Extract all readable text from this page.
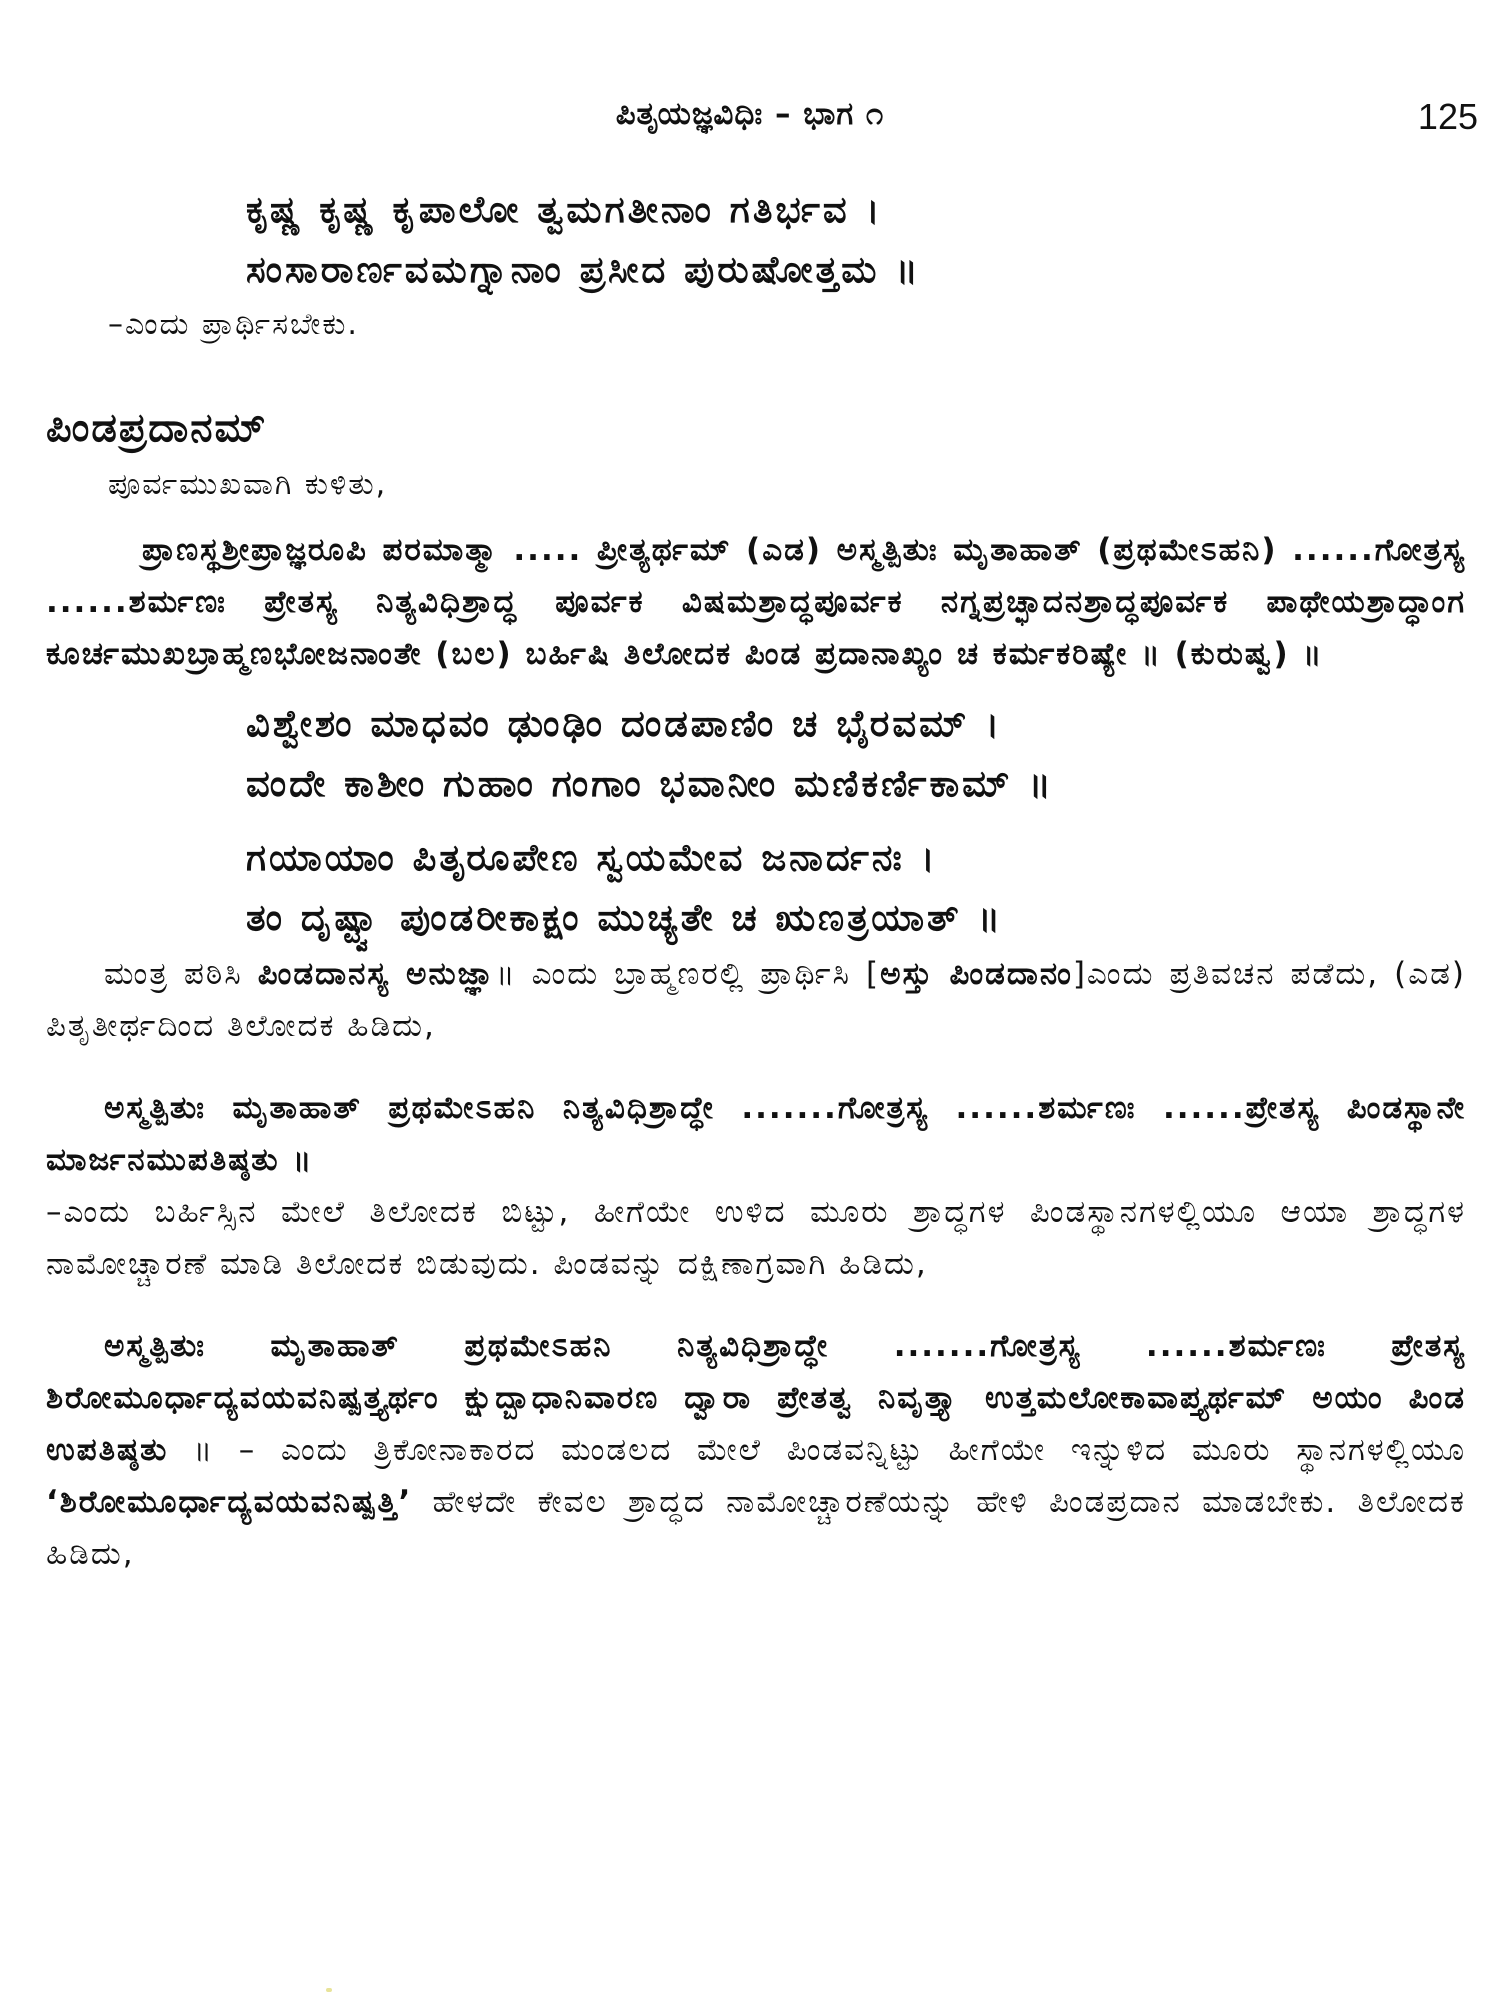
ಪಿತೃಯಜ್ಞವಿಧಿಃ – ಭಾಗ ೧	125
ಕೃಷ್ಣ ಕೃಷ್ಣ ಕೃಪಾಲೋ ತ್ವಮಗತೀನಾಂ ಗತಿರ್ಭವ ।
ಸಂಸಾರಾರ್ಣವಮಗ್ನಾನಾಂ ಪ್ರಸೀದ ಪುರುಷೋತ್ತಮ ॥
–ಎಂದು ಪ್ರಾರ್ಥಿಸಬೇಕು.
ಪಿಂಡಪ್ರದಾನಮ್
ಪೂರ್ವಮುಖವಾಗಿ ಕುಳಿತು,
ಪ್ರಾಣಸ್ಥಶ್ರೀಪ್ರಾಜ್ಞರೂಪಿ ಪರಮಾತ್ಮಾ ..... ಪ್ರೀತ್ಯರ್ಥಮ್ (ಎಡ) ಅಸ್ಮತ್ಪಿತುಃ ಮೃತಾಹಾತ್ (ಪ್ರಥಮೇಽಹನಿ) ......ಗೋತ್ರಸ್ಯ ......ಶರ್ಮಣಃ ಪ್ರೇತಸ್ಯ ನಿತ್ಯವಿಧಿಶ್ರಾದ್ಧ ಪೂರ್ವಕ ವಿಷಮಶ್ರಾದ್ಧಪೂರ್ವಕ ನಗ್ನಪ್ರಚ್ಛಾದನಶ್ರಾದ್ಧಪೂರ್ವಕ ಪಾಥೇಯಶ್ರಾದ್ಧಾಂಗ ಕೂರ್ಚಮುಖಬ್ರಾಹ್ಮಣಭೋಜನಾಂತೇ (ಬಲ) ಬರ್ಹಿಷಿ ತಿಲೋದಕ ಪಿಂಡ ಪ್ರದಾನಾಖ್ಯಂ ಚ ಕರ್ಮಕರಿಷ್ಯೇ ॥ (ಕುರುಷ್ವ) ॥
ವಿಶ್ವೇಶಂ ಮಾಧವಂ ಢುಂಢಿಂ ದಂಡಪಾಣಿಂ ಚ ಭೈರವಮ್ ।
ವಂದೇ ಕಾಶೀಂ ಗುಹಾಂ ಗಂಗಾಂ ಭವಾನೀಂ ಮಣಿಕರ್ಣಿಕಾಮ್ ॥
ಗಯಾಯಾಂ ಪಿತೃರೂಪೇಣ ಸ್ವಯಮೇವ ಜನಾರ್ದನಃ ।
ತಂ ದೃಷ್ಟ್ವಾ ಪುಂಡರೀಕಾಕ್ಷಂ ಮುಚ್ಯತೇ ಚ ಋಣತ್ರಯಾತ್ ॥
ಮಂತ್ರ ಪಠಿಸಿ ಪಿಂಡದಾನಸ್ಯ ಅನುಜ್ಞಾ॥ ಎಂದು ಬ್ರಾಹ್ಮಣರಲ್ಲಿ ಪ್ರಾರ್ಥಿಸಿ [ಅಸ್ತು ಪಿಂಡದಾನಂ]ಎಂದು ಪ್ರತಿವಚನ ಪಡೆದು, (ಎಡ) ಪಿತೃತೀರ್ಥದಿಂದ ತಿಲೋದಕ ಹಿಡಿದು,
ಅಸ್ಮತ್ಪಿತುಃ ಮೃತಾಹಾತ್ ಪ್ರಥಮೇಽಹನಿ ನಿತ್ಯವಿಧಿಶ್ರಾದ್ಧೇ .......ಗೋತ್ರಸ್ಯ ......ಶರ್ಮಣಃ ......ಪ್ರೇತಸ್ಯ ಪಿಂಡಸ್ಥಾನೇ ಮಾರ್ಜನಮುಪತಿಷ್ಠತು ॥
–ಎಂದು ಬರ್ಹಿಸ್ಸಿನ ಮೇಲೆ ತಿಲೋದಕ ಬಿಟ್ಟು, ಹೀಗೆಯೇ ಉಳಿದ ಮೂರು ಶ್ರಾದ್ಧಗಳ ಪಿಂಡಸ್ಥಾನಗಳಲ್ಲಿಯೂ ಆಯಾ ಶ್ರಾದ್ಧಗಳ ನಾಮೋಚ್ಚಾರಣೆ ಮಾಡಿ ತಿಲೋದಕ ಬಿಡುವುದು. ಪಿಂಡವನ್ನು ದಕ್ಷಿಣಾಗ್ರವಾಗಿ ಹಿಡಿದು,
ಅಸ್ಮತ್ಪಿತುಃ ಮೃತಾಹಾತ್ ಪ್ರಥಮೇಽಹನಿ ನಿತ್ಯವಿಧಿಶ್ರಾದ್ಧೇ .......ಗೋತ್ರಸ್ಯ ......ಶರ್ಮಣಃ ಪ್ರೇತಸ್ಯ ಶಿರೋಮೂರ್ಧಾದ್ಯವಯವನಿಷ್ಪತ್ತ್ಯರ್ಥಂ ಕ್ಷುದ್ಬಾಧಾನಿವಾರಣ ದ್ವಾರಾ ಪ್ರೇತತ್ವ ನಿವೃತ್ತ್ಯಾ ಉತ್ತಮಲೋಕಾವಾಪ್ತ್ಯರ್ಥಮ್ ಅಯಂ ಪಿಂಡ ಉಪತಿಷ್ಠತು ॥ – ಎಂದು ತ್ರಿಕೋನಾಕಾರದ ಮಂಡಲದ ಮೇಲೆ ಪಿಂಡವನ್ನಿಟ್ಟು ಹೀಗೆಯೇ ಇನ್ನುಳಿದ ಮೂರು ಸ್ಥಾನಗಳಲ್ಲಿಯೂ ‘ಶಿರೋಮೂರ್ಧಾದ್ಯವಯವನಿಷ್ಪತ್ತಿ’ ಹೇಳದೇ ಕೇವಲ ಶ್ರಾದ್ಧದ ನಾಮೋಚ್ಚಾರಣೆಯನ್ನು ಹೇಳಿ ಪಿಂಡಪ್ರದಾನ ಮಾಡಬೇಕು. ತಿಲೋದಕ ಹಿಡಿದು,
